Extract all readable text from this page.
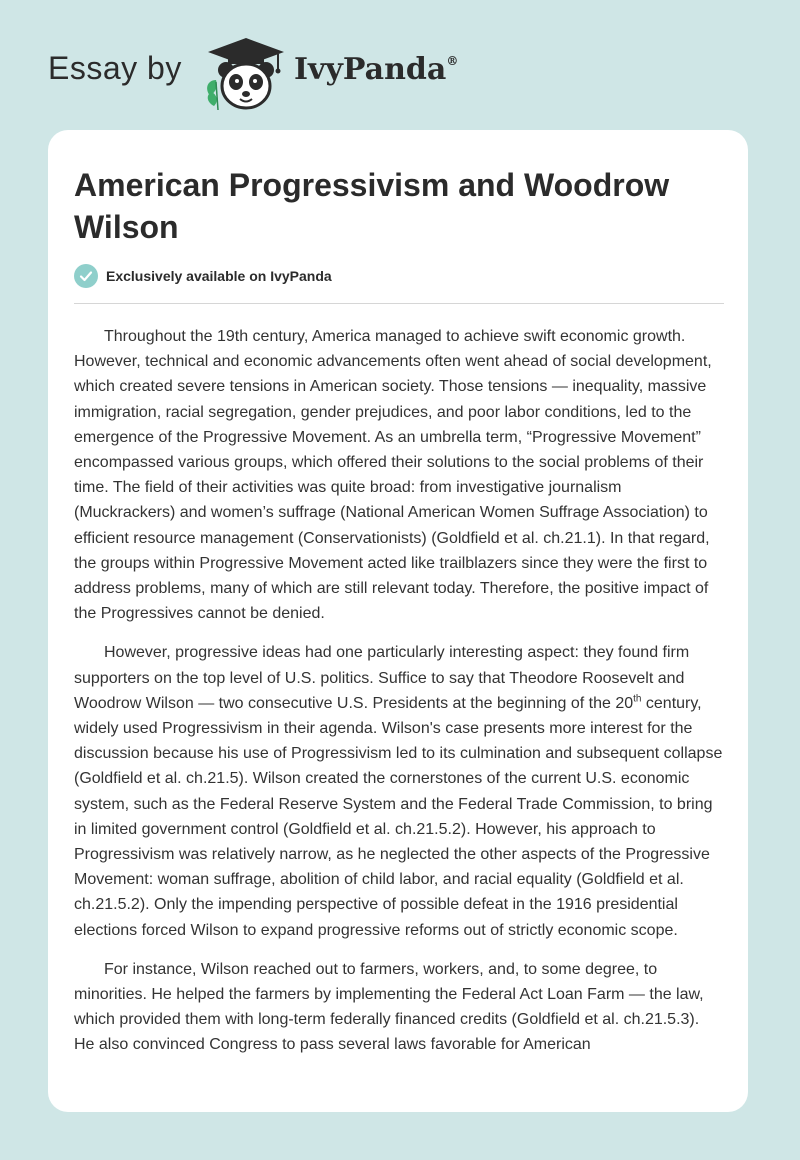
Essay by	IvyPanda®
American Progressivism and Woodrow Wilson
Exclusively available on IvyPanda

Throughout the 19th century, America managed to achieve swift economic growth. However, technical and economic advancements often went ahead of social development, which created severe tensions in American society. Those tensions — inequality, massive immigration, racial segregation, gender prejudices, and poor labor conditions, led to the emergence of the Progressive Movement. As an umbrella term, “Progressive Movement” encompassed various groups, which offered their solutions to the social problems of their time. The field of their activities was quite broad: from investigative journalism (Muckrackers) and women’s suffrage (National American Women Suffrage Association) to efficient resource management (Conservationists) (Goldfield et al. ch.21.1). In that regard, the groups within Progressive Movement acted like trailblazers since they were the first to address problems, many of which are still relevant today. Therefore, the positive impact of the Progressives cannot be denied.

However, progressive ideas had one particularly interesting aspect: they found firm supporters on the top level of U.S. politics. Suffice to say that Theodore Roosevelt and Woodrow Wilson — two consecutive U.S. Presidents at the beginning of the 20th century, widely used Progressivism in their agenda. Wilson's case presents more interest for the discussion because his use of Progressivism led to its culmination and subsequent collapse (Goldfield et al. ch.21.5). Wilson created the cornerstones of the current U.S. economic system, such as the Federal Reserve System and the Federal Trade Commission, to bring in limited government control (Goldfield et al. ch.21.5.2). However, his approach to Progressivism was relatively narrow, as he neglected the other aspects of the Progressive Movement: woman suffrage, abolition of child labor, and racial equality (Goldfield et al. ch.21.5.2). Only the impending perspective of possible defeat in the 1916 presidential elections forced Wilson to expand progressive reforms out of strictly economic scope.

For instance, Wilson reached out to farmers, workers, and, to some degree, to minorities. He helped the farmers by implementing the Federal Act Loan Farm — the law, which provided them with long-term federally financed credits (Goldfield et al. ch.21.5.3). He also convinced Congress to pass several laws favorable for American
